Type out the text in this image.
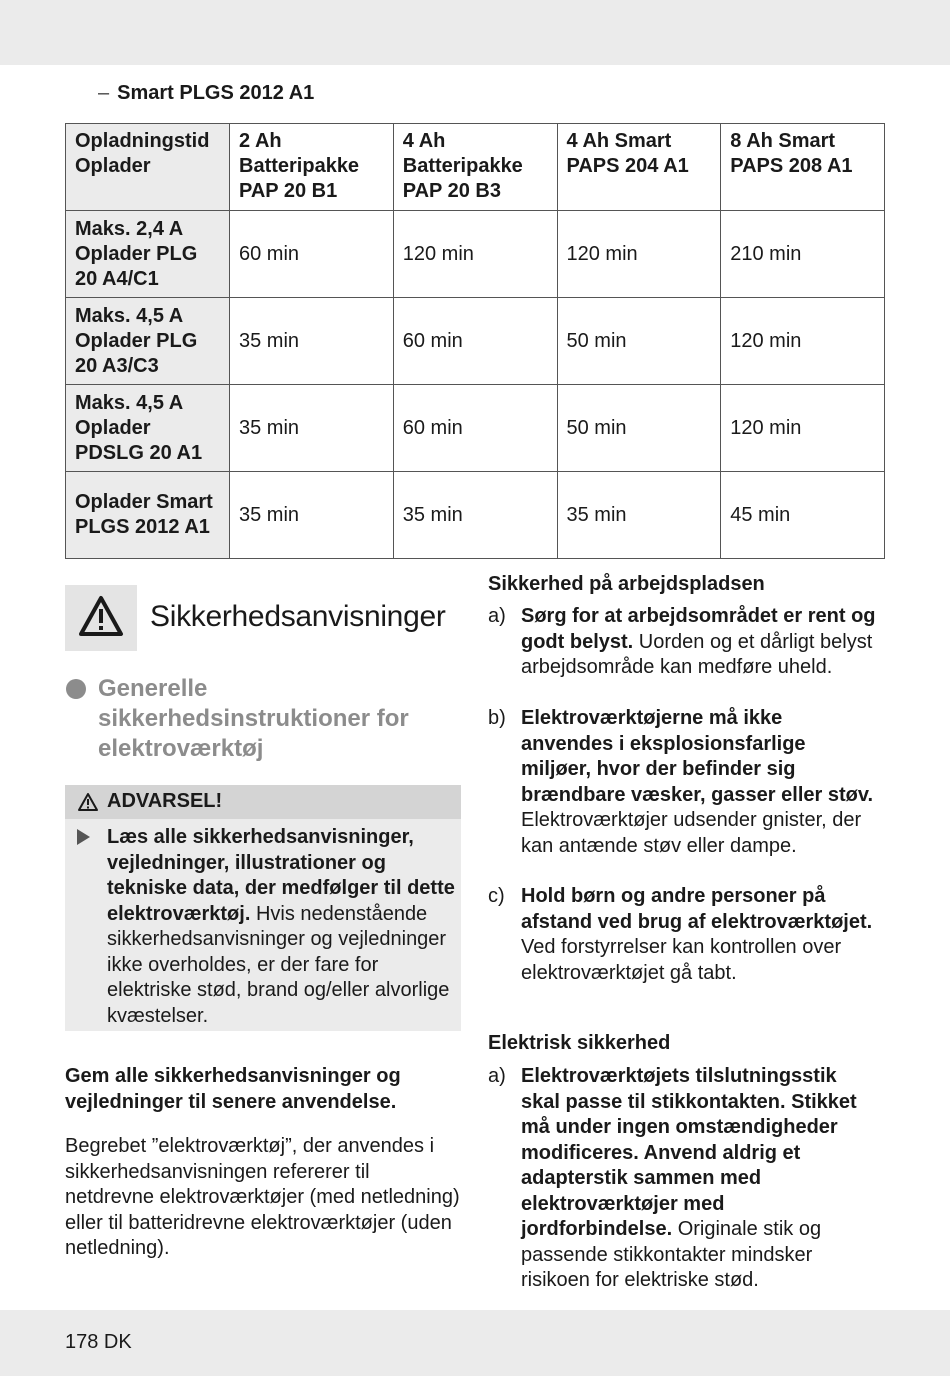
– Smart PLGS 2012 A1
Opladningstid Oplader	2 Ah Batteripakke PAP 20 B1	4 Ah Batteripakke PAP 20 B3	4 Ah Smart PAPS 204 A1	8 Ah Smart PAPS 208 A1
Maks. 2,4 A Oplader PLG 20 A4/C1	60 min	120 min	120 min	210 min
Maks. 4,5 A Oplader PLG 20 A3/C3	35 min	60 min	50 min	120 min
Maks. 4,5 A Oplader PDSLG 20 A1	35 min	60 min	50 min	120 min
Oplader Smart PLGS 2012 A1	35 min	35 min	35 min	45 min
Sikkerhedsanvisninger
Generelle sikkerhedsinstruktioner for elektroværktøj
ADVARSEL!
Læs alle sikkerhedsanvisninger, vejledninger, illustrationer og tekniske data, der medfølger til dette elektroværktøj. Hvis nedenstående sikkerhedsanvisninger og vejledninger ikke overholdes, er der fare for elektriske stød, brand og/eller alvorlige kvæstelser.
Gem alle sikkerhedsanvisninger og vejledninger til senere anvendelse.
Begrebet ”elektroværktøj”, der anvendes i sikkerhedsanvisningen refererer til netdrevne elektroværktøjer (med netledning) eller til batteridrevne elektroværktøjer (uden netledning).
Sikkerhed på arbejdspladsen
a) Sørg for at arbejdsområdet er rent og godt belyst. Uorden og et dårligt belyst arbejdsområde kan medføre uheld.
b) Elektroværktøjerne må ikke anvendes i eksplosionsfarlige miljøer, hvor der befinder sig brændbare væsker, gasser eller støv. Elektroværktøjer udsender gnister, der kan antænde støv eller dampe.
c) Hold børn og andre personer på afstand ved brug af elektroværktøjet. Ved forstyrrelser kan kontrollen over elektroværktøjet gå tabt.
Elektrisk sikkerhed
a) Elektroværktøjets tilslutningsstik skal passe til stikkontakten. Stikket må under ingen omstændigheder modificeres. Anvend aldrig et adapterstik sammen med elektroværktøjer med jordforbindelse. Originale stik og passende stikkontakter mindsker risikoen for elektriske stød.
178 DK
